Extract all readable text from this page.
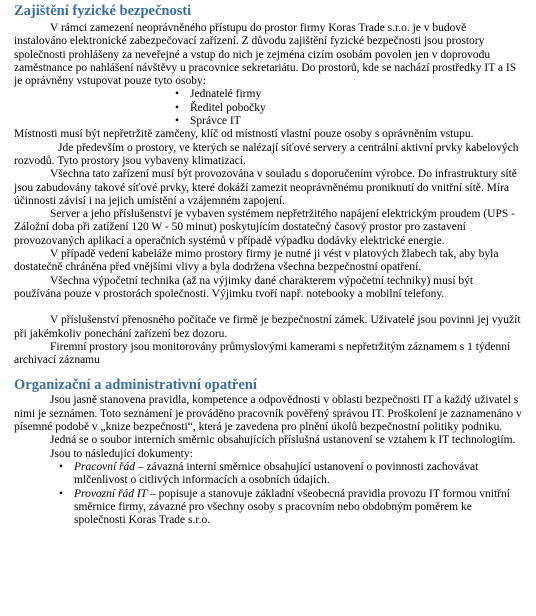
Zajištění fyzické bezpečnosti

V rámci zamezení neoprávněného přístupu do prostor firmy Koras Trade s.r.o. je v budově instalováno elektronické zabezpečovací zařízení. Z důvodu zajištění fyzické bezpečnosti jsou prostory společnosti prohlášeny za neveřejné a vstup do nich je zejména cizím osobám povolen jen v doprovodu zaměstnance po nahlášení návštěvy u pracovnice sekretariátu. Do prostorů, kde se nachází prostředky IT a IS je oprávněny vstupovat pouze tyto osoby:

• Jednatelé firmy
• Ředitel pobočky
• Správce IT

Místnosti musí být nepřetržitě zamčeny, klíč od místností vlastní pouze osoby s oprávněním vstupu.

Jde především o prostory, ve kterých se nalézají síťové servery a centrální aktivní prvky kabelových rozvodů. Tyto prostory jsou vybaveny klimatizací.

Všechna tato zařízení musí být provozována v souladu s doporučením výrobce. Do infrastruktury sítě jsou zabudovány takové síťové prvky, které dokáží zamezit neoprávněnému proniknutí do vnitřní sítě. Míra účinnosti závisí i na jejich umístění a vzájemném zapojení.

Server a jeho příslušenství je vybaven systémem nepřetržitého napájení elektrickým proudem (UPS - Záložní doba při zatížení 120 W - 50 minut) poskytujícím dostatečný časový prostor pro zastavení provozovaných aplikací a operačních systémů v případě výpadku dodávky elektrické energie.

V případě vedení kabeláže mimo prostory firmy je nutné ji vést v platových žlabech tak, aby byla dostatečně chráněna před vnějšími vlivy a byla dodržena všechna bezpečnostní opatření.

Všechna výpočetní technika (až na výjimky dané charakterem výpočetní techniky) musí být používána pouze v prostorách společnosti. Výjimku tvoří např. notebooky a mobilní telefony.

V příslušenství přenosného počítače ve firmě je bezpečnostní zámek. Uživatelé jsou povinni jej využít při jakémkoliv ponechání zařízení bez dozoru.

Firemní prostory jsou monitorovány průmyslovými kamerami s nepřetržitým záznamem s 1 týdenní archivací záznamu

Organizační a administrativní opatření

Jsou jasně stanovena pravidla, kompetence a odpovědnosti v oblasti bezpečnosti IT a každý uživatel s nimi je seznámen. Toto seznámení je prováděno pracovník pověřený správou IT. Proškolení je zaznamenáno v písemné podobě v „knize bezpečnosti“, která je zavedena pro plnění úkolů bezpečnostní politiky podniku.

Jedná se o soubor interních směrnic obsahujících příslušná ustanovení se vztahem k IT technologiím.

Jsou to následující dokumenty:

• Pracovní řád – závazná interní směrnice obsahující ustanovení o povinnosti zachovávat mlčenlivost o citlivých informacích a osobních údajích.
• Provozní řád IT – popisuje a stanovuje základní všeobecná pravidla provozu IT formou vnitřní směrnice firmy, závazné pro všechny osoby s pracovním nebo obdobným poměrem ke společnosti Koras Trade s.r.o.
